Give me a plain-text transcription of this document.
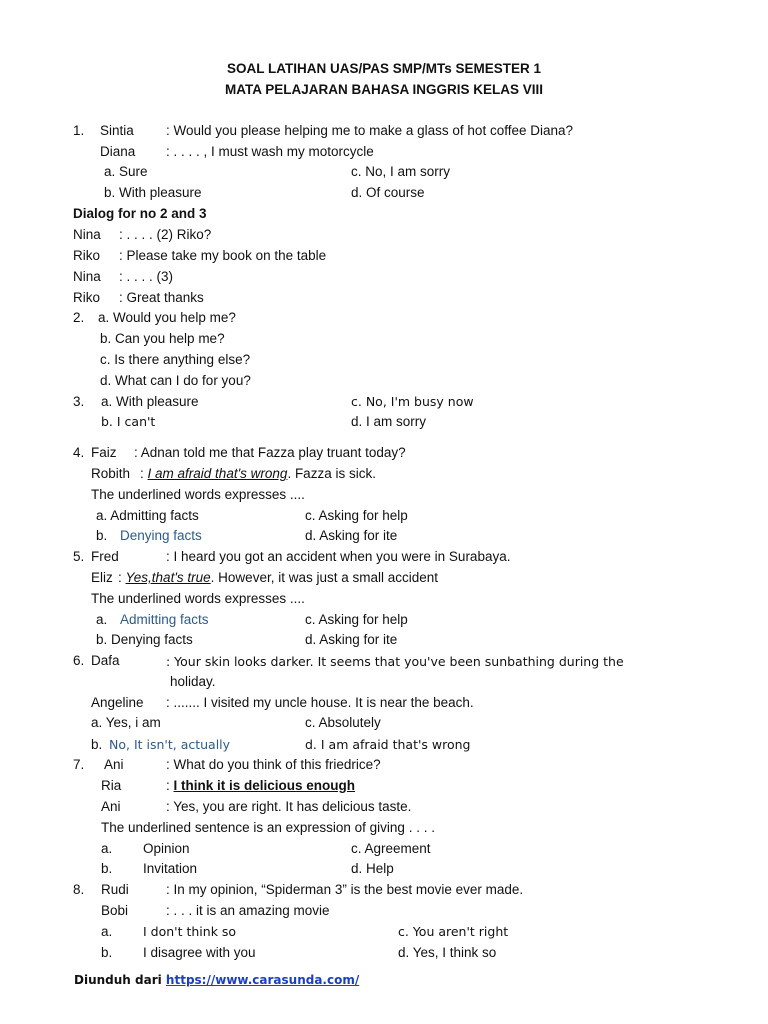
SOAL LATIHAN UAS/PAS SMP/MTs SEMESTER 1
MATA PELAJARAN BAHASA INGGRIS KELAS VIII
1. Sintia : Would you please helping me to make a glass of hot coffee Diana?
Diana : . . . . , I must wash my motorcycle
a. Sure	c. No, I am sorry
b. With pleasure	d. Of course
Dialog for no 2 and 3
Nina : . . . . (2) Riko?
Riko : Please take my book on the table
Nina : . . . . (3)
Riko : Great thanks
2. a. Would you help me?
b. Can you help me?
c. Is there anything else?
d. What can I do for you?
3. a. With pleasure	c. No, I'm busy now
b. I can't	d. I am sorry
4. Faiz : Adnan told me that Fazza play truant today?
Robith : I am afraid that's wrong. Fazza is sick.
The underlined words expresses ....
a. Admitting facts	c. Asking for help
b. Denying facts	d. Asking for ite
5. Fred	: I heard you got an accident when you were in Surabaya.
Eliz : Yes,that's true. However, it was just a small accident
The underlined words expresses ....
a. Admitting facts	c. Asking for help
b. Denying facts	d. Asking for ite
6. Dafa	: Your skin looks darker. It seems that you've been sunbathing during the
holiday.
Angeline : ....... I visited my uncle house. It is near the beach.
a. Yes, i am	c. Absolutely
b. No, It isn't, actually	d. I am afraid that's wrong
7. Ani	: What do you think of this friedrice?
Ria	: I think it is delicious enough
Ani	: Yes, you are right. It has delicious taste.
The underlined sentence is an expression of giving . . . .
a. Opinion	c. Agreement
b. Invitation	d. Help
8. Rudi	: In my opinion, “Spiderman 3” is the best movie ever made.
Bobi	: . . . it is an amazing movie
a. I don't think so	c. You aren't right
b. I disagree with you	d. Yes, I think so
Diunduh dari https://www.carasunda.com/
